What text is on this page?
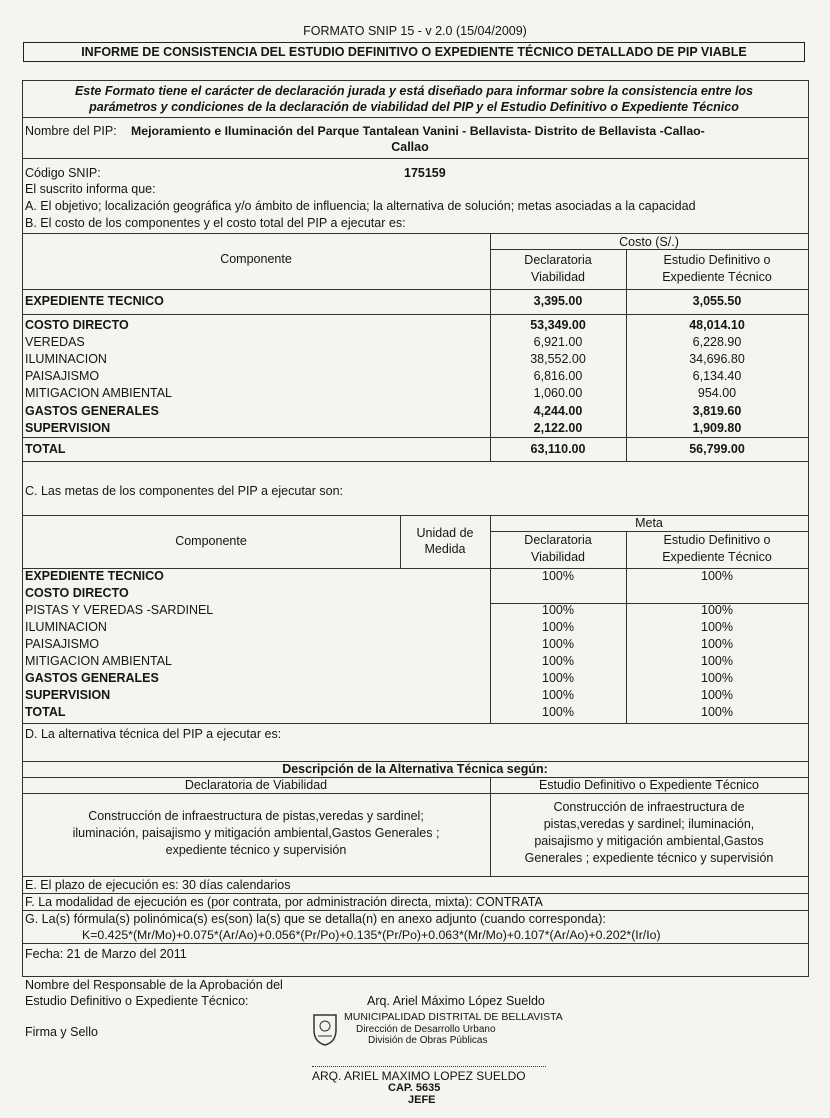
FORMATO SNIP 15 - v 2.0 (15/04/2009)
INFORME DE CONSISTENCIA DEL ESTUDIO DEFINITIVO O EXPEDIENTE TÉCNICO DETALLADO DE PIP VIABLE
Este Formato tiene el carácter de declaración jurada y está diseñado para informar sobre la consistencia entre los
parámetros y condiciones de la declaración de viabilidad del PIP y el Estudio Definitivo o Expediente Técnico
Nombre del PIP: Mejoramiento e Iluminación del Parque Tantalean Vanini - Bellavista- Distrito de Bellavista -Callao-
Callao
Código SNIP:	175159
El suscrito informa que:
A. El objetivo; localización geográfica y/o ámbito de influencia; la alternativa de solución; metas asociadas a la capacidad
B. El costo de los componentes y el costo total del PIP a ejecutar es:
Componente
Costo (S/.)
Declaratoria
Viabilidad
Estudio Definitivo o
Expediente Técnico
EXPEDIENTE TECNICO	3,395.00	3,055.50
COSTO DIRECTO	53,349.00	48,014.10
VEREDAS	6,921.00	6,228.90
ILUMINACION	38,552.00	34,696.80
PAISAJISMO	6,816.00	6,134.40
MITIGACION AMBIENTAL	1,060.00	954.00
GASTOS GENERALES	4,244.00	3,819.60
SUPERVISION	2,122.00	1,909.80
TOTAL	63,110.00	56,799.00
C. Las metas de los componentes del PIP a ejecutar son:
Componente
Unidad de
Medida
Meta
Declaratoria
Viabilidad
Estudio Definitivo o
Expediente Técnico
EXPEDIENTE TECNICO	100%	100%
COSTO DIRECTO
PISTAS Y VEREDAS -SARDINEL	100%	100%
ILUMINACION	100%	100%
PAISAJISMO	100%	100%
MITIGACION AMBIENTAL	100%	100%
GASTOS GENERALES	100%	100%
SUPERVISION	100%	100%
TOTAL	100%	100%
D. La alternativa técnica del PIP a ejecutar es:
Descripción de la Alternativa Técnica según:
Declaratoria de Viabilidad	Estudio Definitivo o Expediente Técnico
Construcción de infraestructura de pistas,veredas y sardinel;
iluminación, paisajismo y mitigación ambiental,Gastos Generales ;
expediente técnico y supervisión
Construcción de infraestructura de
pistas,veredas y sardinel; iluminación,
paisajismo y mitigación ambiental,Gastos
Generales ; expediente técnico y supervisión
E. El plazo de ejecución es: 30 días calendarios
F. La modalidad de ejecución es (por contrata, por administración directa, mixta): CONTRATA
G. La(s) fórmula(s) polinómica(s) es(son) la(s) que se detalla(n) en anexo adjunto (cuando corresponda):
K=0.425*(Mr/Mo)+0.075*(Ar/Ao)+0.056*(Pr/Po)+0.135*(Pr/Po)+0.063*(Mr/Mo)+0.107*(Ar/Ao)+0.202*(Ir/Io)
Fecha: 21 de Marzo del 2011
Nombre del Responsable de la Aprobación del
Estudio Definitivo o Expediente Técnico:	Arq. Ariel Máximo López Sueldo
Firma y Sello
MUNICIPALIDAD DISTRITAL DE BELLAVISTA
Dirección de Desarrollo Urbano
División de Obras Públicas
ARQ. ARIEL MAXIMO LOPEZ SUELDO
CAP. 5635
JEFE
